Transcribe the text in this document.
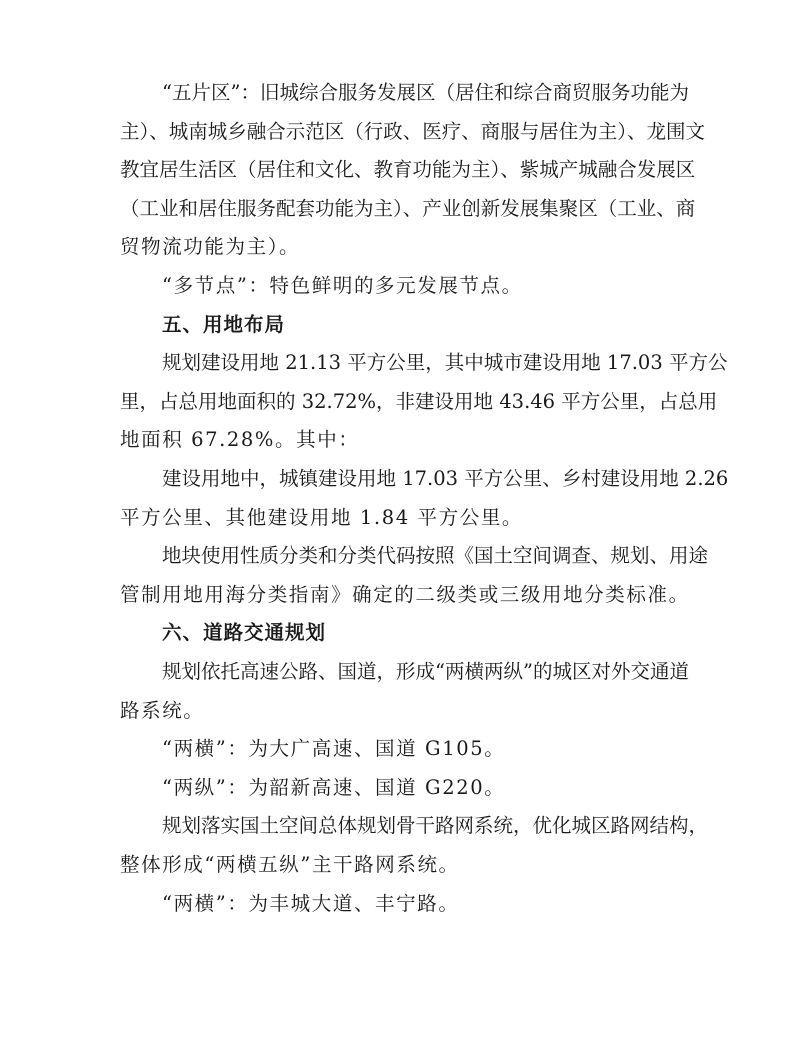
“五片区”：旧城综合服务发展区（居住和综合商贸服务功能为
主）、城南城乡融合示范区（行政、医疗、商服与居住为主）、龙围文
教宜居生活区（居住和文化、教育功能为主）、紫城产城融合发展区
（工业和居住服务配套功能为主）、产业创新发展集聚区（工业、商
贸物流功能为主）。
“多节点”：特色鲜明的多元发展节点。
五、用地布局
规划建设用地 21.13 平方公里，其中城市建设用地 17.03 平方公
里，占总用地面积的 32.72%，非建设用地 43.46 平方公里，占总用
地面积 67.28%。其中：
建设用地中，城镇建设用地 17.03 平方公里、乡村建设用地 2.26
平方公里、其他建设用地 1.84 平方公里。
地块使用性质分类和分类代码按照《国土空间调查、规划、用途
管制用地用海分类指南》确定的二级类或三级用地分类标准。
六、道路交通规划
规划依托高速公路、国道，形成“两横两纵”的城区对外交通道
路系统。
“两横”：为大广高速、国道 G105。
“两纵”：为韶新高速、国道 G220。
规划落实国土空间总体规划骨干路网系统，优化城区路网结构，
整体形成“两横五纵”主干路网系统。
“两横”：为丰城大道、丰宁路。
